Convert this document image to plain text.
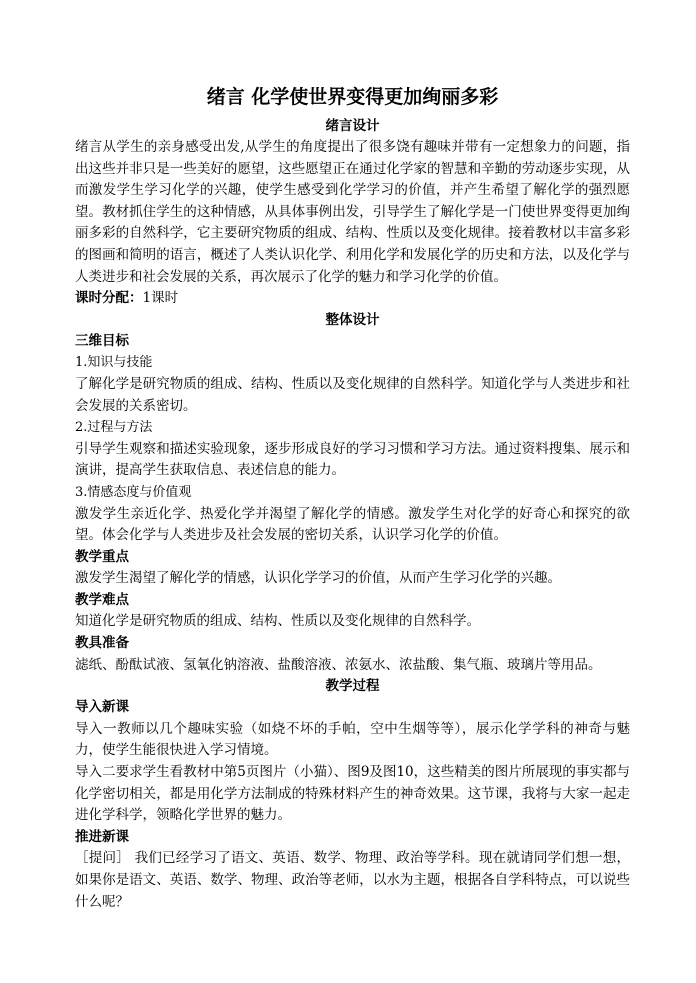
绪言 化学使世界变得更加绚丽多彩
绪言设计

绪言从学生的亲身感受出发,从学生的角度提出了很多饶有趣味并带有一定想象力的问题，指出这些并非只是一些美好的愿望，这些愿望正在通过化学家的智慧和辛勤的劳动逐步实现，从而激发学生学习化学的兴趣，使学生感受到化学学习的价值，并产生希望了解化学的强烈愿望。教材抓住学生的这种情感，从具体事例出发，引导学生了解化学是一门使世界变得更加绚丽多彩的自然科学，它主要研究物质的组成、结构、性质以及变化规律。接着教材以丰富多彩的图画和简明的语言，概述了人类认识化学、利用化学和发展化学的历史和方法，以及化学与人类进步和社会发展的关系，再次展示了化学的魅力和学习化学的价值。

课时分配：1课时

整体设计

三维目标

1.知识与技能

了解化学是研究物质的组成、结构、性质以及变化规律的自然科学。知道化学与人类进步和社会发展的关系密切。

2.过程与方法

引导学生观察和描述实验现象，逐步形成良好的学习习惯和学习方法。通过资料搜集、展示和演讲，提高学生获取信息、表述信息的能力。

3.情感态度与价值观

激发学生亲近化学、热爱化学并渴望了解化学的情感。激发学生对化学的好奇心和探究的欲望。体会化学与人类进步及社会发展的密切关系，认识学习化学的价值。

教学重点

激发学生渴望了解化学的情感，认识化学学习的价值，从而产生学习化学的兴趣。

教学难点

知道化学是研究物质的组成、结构、性质以及变化规律的自然科学。

教具准备

滤纸、酚酞试液、氢氧化钠溶液、盐酸溶液、浓氨水、浓盐酸、集气瓶、玻璃片等用品。

教学过程

导入新课

导入一教师以几个趣味实验（如烧不坏的手帕，空中生烟等等），展示化学学科的神奇与魅力，使学生能很快进入学习情境。

导入二要求学生看教材中第5页图片（小猫）、图9及图10，这些精美的图片所展现的事实都与化学密切相关，都是用化学方法制成的特殊材料产生的神奇效果。这节课，我将与大家一起走进化学科学，领略化学世界的魅力。

推进新课

［提问］ 我们已经学习了语文、英语、数学、物理、政治等学科。现在就请同学们想一想，如果你是语文、英语、数学、物理、政治等老师，以水为主题，根据各自学科特点，可以说些什么呢？
